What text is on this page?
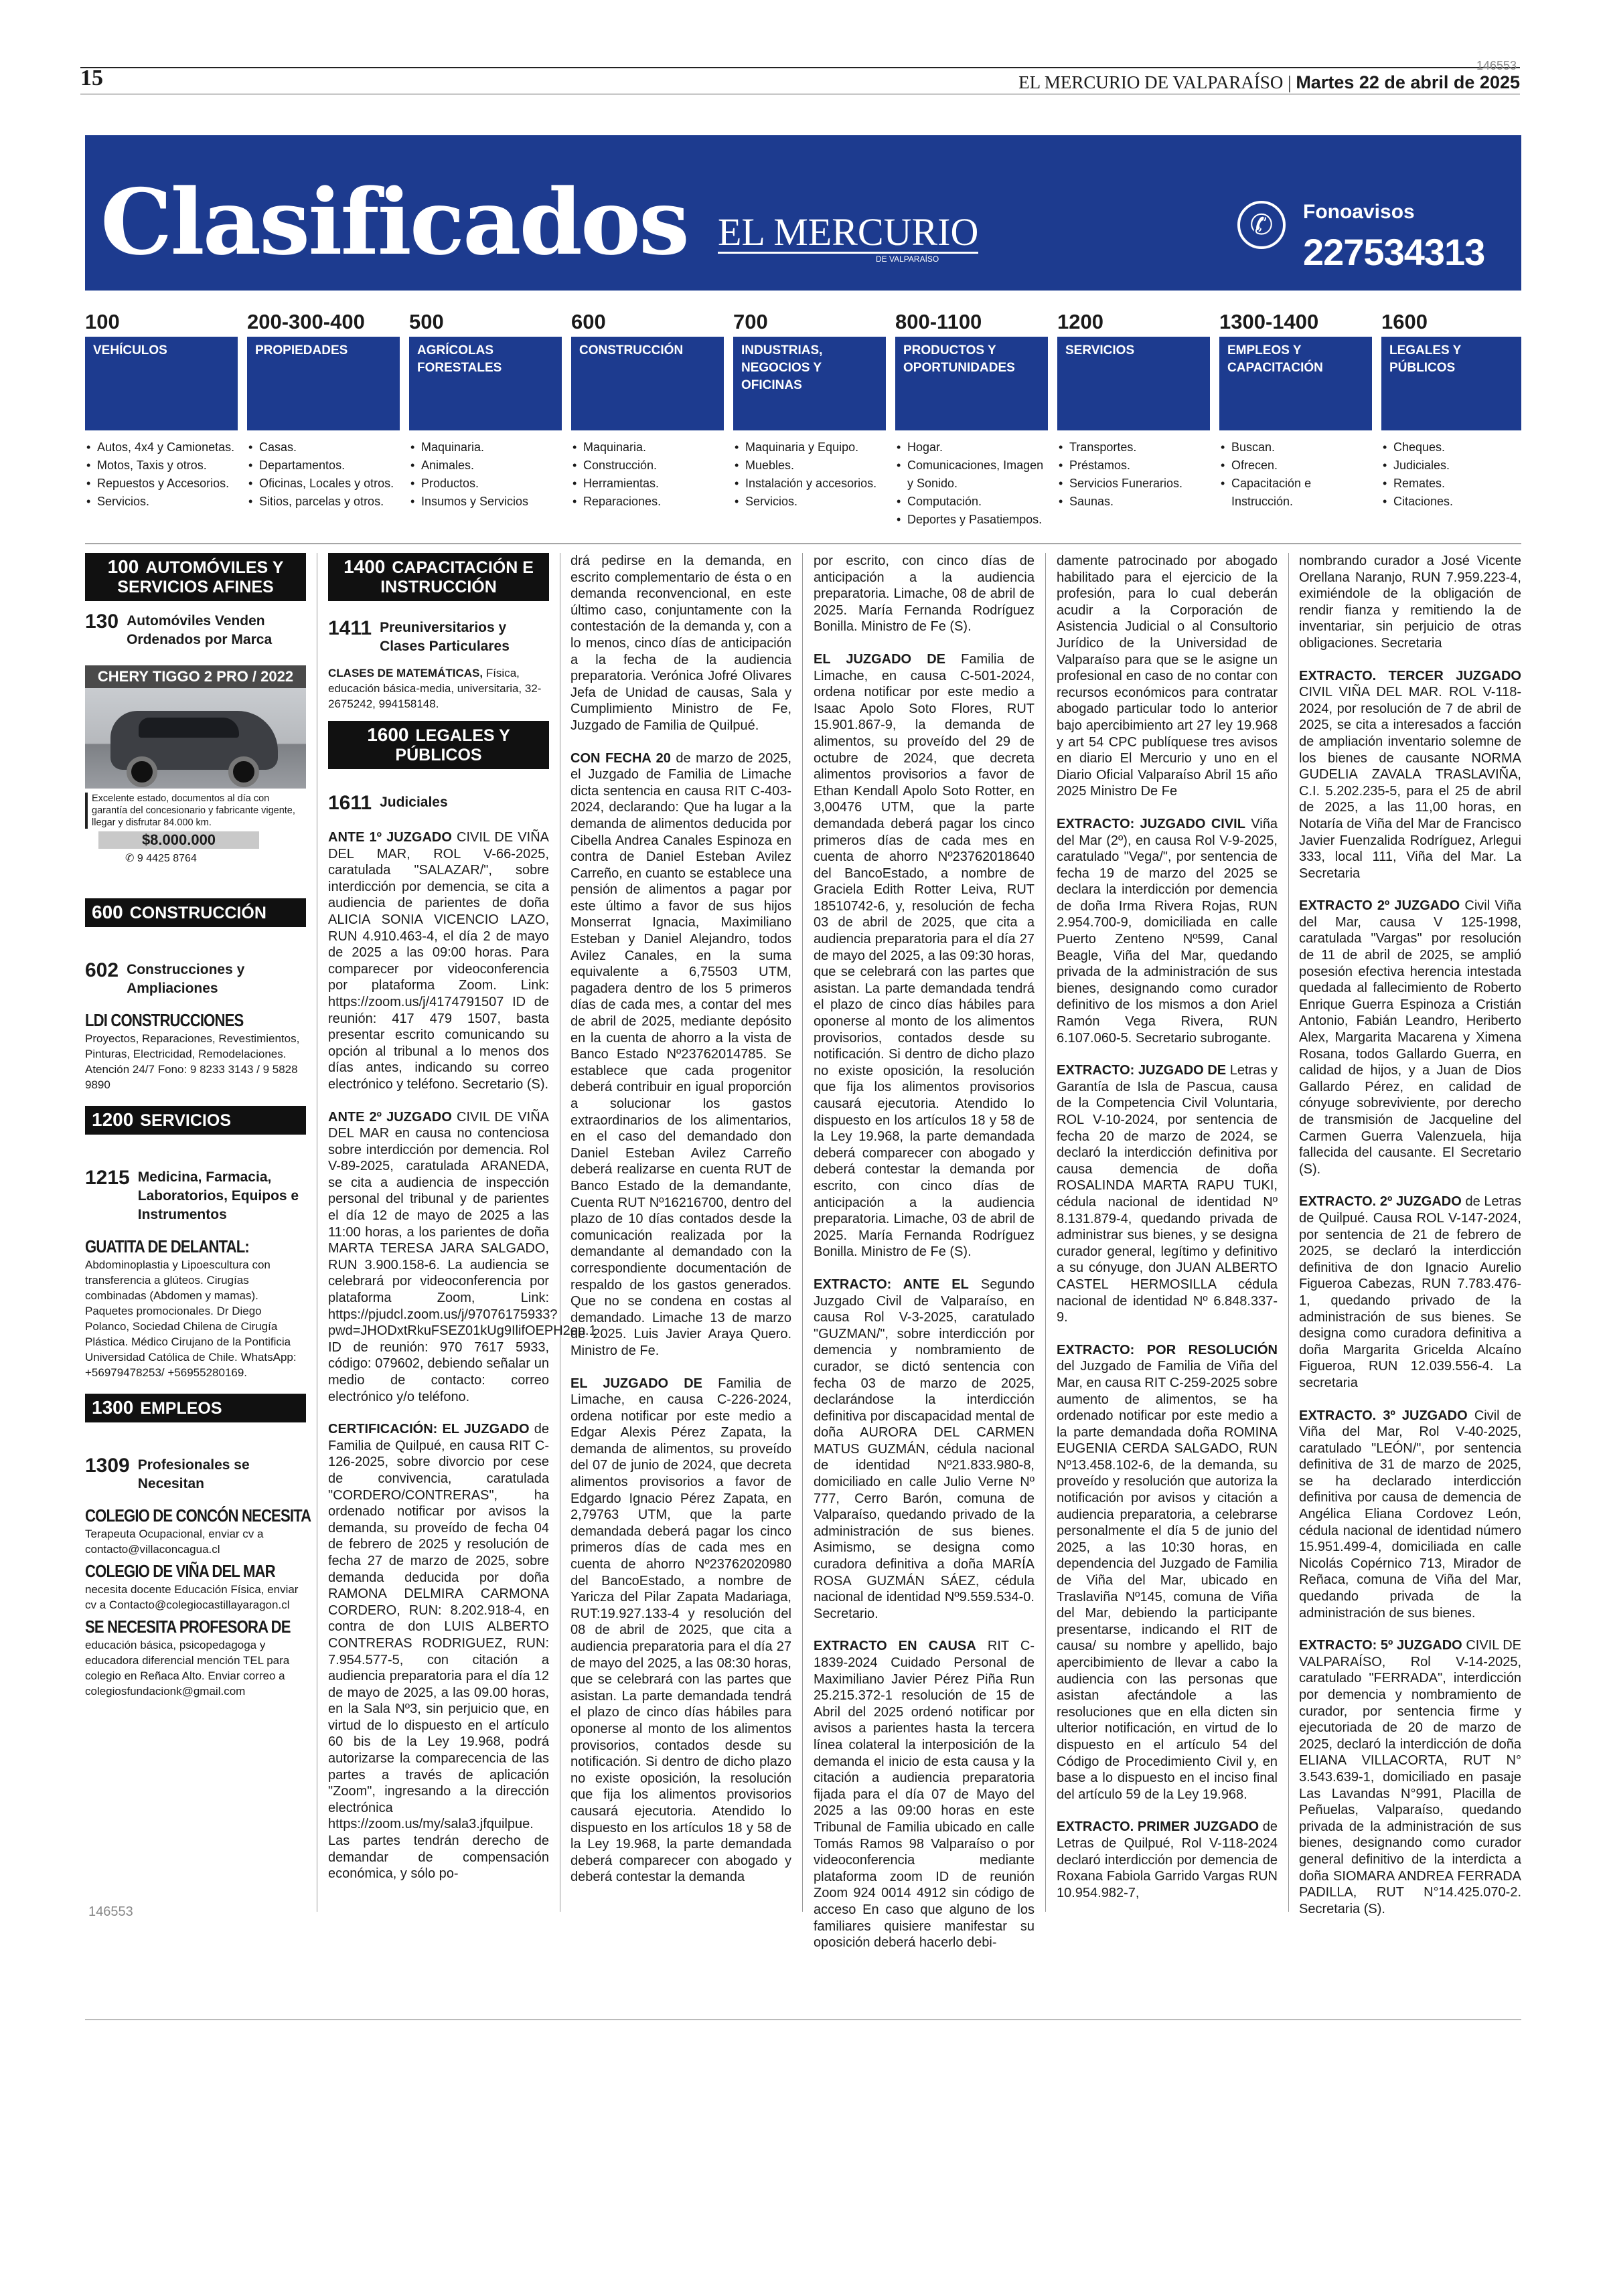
15	146553
EL MERCURIO DE VALPARAÍSO | Martes 22 de abril de 2025
Clasificados EL MERCURIO
DE VALPARAÍSO
✆	Fonoavisos
227534313
100
VEHÍCULOS
• Autos, 4x4 y Camionetas.
• Motos, Taxis y otros.
• Repuestos y Accesorios.
• Servicios.
200-300-400
PROPIEDADES
• Casas.
• Departamentos.
• Oficinas, Locales y otros.
• Sitios, parcelas y otros.
500
AGRÍCOLAS FORESTALES
• Maquinaria.
• Animales.
• Productos.
• Insumos y Servicios
600
CONSTRUCCIÓN
• Maquinaria.
• Construcción.
• Herramientas.
• Reparaciones.
700
INDUSTRIAS, NEGOCIOS Y OFICINAS
• Maquinaria y Equipo.
• Muebles.
• Instalación y accesorios.
• Servicios.
800-1100
PRODUCTOS Y OPORTUNIDADES
• Hogar.
• Comunicaciones, Imagen y Sonido.
• Computación.
• Deportes y Pasatiempos.
1200
SERVICIOS
• Transportes.
• Préstamos.
• Servicios Funerarios.
• Saunas.
1300-1400
EMPLEOS Y CAPACITACIÓN
• Buscan.
• Ofrecen.
• Capacitación e Instrucción.
1600
LEGALES Y PÚBLICOS
• Cheques.
• Judiciales.
• Remates.
• Citaciones.
100 AUTOMÓVILES Y SERVICIOS AFINES
130 Automóviles Venden Ordenados por Marca
CHERY TIGGO 2 PRO / 2022
Excelente estado, documentos al día con garantía del concesionario y fabricante vigente, llegar y disfrutar 84.000 km.
$8.000.000
✆ 9 4425 8764
600 CONSTRUCCIÓN
602 Construcciones y Ampliaciones
LDI CONSTRUCCIONES
Proyectos, Reparaciones, Revestimientos, Pinturas, Electricidad, Remodelaciones. Atención 24/7 Fono: 9 8233 3143 / 9 5828 9890
1200 SERVICIOS
1215 Medicina, Farmacia, Laboratorios, Equipos e Instrumentos
GUATITA DE DELANTAL:
Abdominoplastia y Lipoescultura con transferencia a glúteos. Cirugías combinadas (Abdomen y mamas). Paquetes promocionales. Dr Diego Polanco, Sociedad Chilena de Cirugía Plástica. Médico Cirujano de la Pontificia Universidad Católica de Chile. WhatsApp: +56979478253/ +56955280169.
1300 EMPLEOS
1309 Profesionales se Necesitan
COLEGIO DE CONCÓN NECESITA
Terapeuta Ocupacional, enviar cv a contacto@villaconcagua.cl
COLEGIO DE VIÑA DEL MAR
necesita docente Educación Física, enviar cv a Contacto@colegiocastillayaragon.cl
SE NECESITA PROFESORA DE
educación básica, psicopedagoga y educadora diferencial mención TEL para colegio en Reñaca Alto. Enviar correo a colegiosfundacionk@gmail.com
1400 CAPACITACIÓN E INSTRUCCIÓN
1411 Preuniversitarios y Clases Particulares
CLASES DE MATEMÁTICAS, Física, educación básica-media, universitaria, 32-2675242, 994158148.
1600 LEGALES Y PÚBLICOS
1611 Judiciales
ANTE 1º JUZGADO CIVIL DE VIÑA DEL MAR, ROL V-66-2025, caratulada "SALAZAR/", sobre interdicción por demencia, se cita a audiencia de parientes de doña ALICIA SONIA VICENCIO LAZO, RUN 4.910.463-4, el día 2 de mayo de 2025 a las 09:00 horas. Para comparecer por videoconferencia por plataforma Zoom. Link: https://zoom.us/j/4174791507 ID de reunión: 417 479 1507, basta presentar escrito comunicando su opción al tribunal a lo menos dos días antes, indicando su correo electrónico y teléfono. Secretario (S).
ANTE 2º JUZGADO CIVIL DE VIÑA DEL MAR en causa no contenciosa sobre interdicción por demencia. Rol V-89-2025, caratulada ARANEDA, se cita a audiencia de inspección personal del tribunal y de parientes el día 12 de mayo de 2025 a las 11:00 horas, a los parientes de doña MARTA TERESA JARA SALGADO, RUN 3.900.158-6. La audiencia se celebrará por videoconferencia por plataforma Zoom, Link: https://pjudcl.zoom.us/j/97076175933?pwd=JHODxtRkuFSEZ01kUg9IlifOEPH2ep.1 ID de reunión: 970 7617 5933, código: 079602, debiendo señalar un medio de contacto: correo electrónico y/o teléfono.
CERTIFICACIÓN: EL JUZGADO de Familia de Quilpué, en causa RIT C-126-2025, sobre divorcio por cese de convivencia, caratulada "CORDERO/CONTRERAS", ha ordenado notificar por avisos la demanda, su proveído de fecha 04 de febrero de 2025 y resolución de fecha 27 de marzo de 2025, sobre demanda deducida por doña RAMONA DELMIRA CARMONA CORDERO, RUN: 8.202.918-4, en contra de don LUIS ALBERTO CONTRERAS RODRIGUEZ, RUN: 7.954.577-5, con citación a audiencia preparatoria para el día 12 de mayo de 2025, a las 09.00 horas, en la Sala Nº3, sin perjuicio que, en virtud de lo dispuesto en el artículo 60 bis de la Ley 19.968, podrá autorizarse la comparecencia de las partes a través de aplicación "Zoom", ingresando a la dirección electrónica https://zoom.us/my/sala3.jfquilpue. Las partes tendrán derecho de demandar de compensación económica, y sólo po-
drá pedirse en la demanda, en escrito complementario de ésta o en demanda reconvencional, en este último caso, conjuntamente con la contestación de la demanda y, con a lo menos, cinco días de anticipación a la fecha de la audiencia preparatoria. Verónica Jofré Olivares Jefa de Unidad de causas, Sala y Cumplimiento Ministro de Fe, Juzgado de Familia de Quilpué.
CON FECHA 20 de marzo de 2025, el Juzgado de Familia de Limache dicta sentencia en causa RIT C-403-2024, declarando: Que ha lugar a la demanda de alimentos deducida por Cibella Andrea Canales Espinoza en contra de Daniel Esteban Avilez Carreño, en cuanto se establece una pensión de alimentos a pagar por este último a favor de sus hijos Monserrat Ignacia, Maximiliano Esteban y Daniel Alejandro, todos Avilez Canales, en la suma equivalente a 6,75503 UTM, pagadera dentro de los 5 primeros días de cada mes, a contar del mes de abril de 2025, mediante depósito en la cuenta de ahorro a la vista de Banco Estado Nº23762014785. Se establece que cada progenitor deberá contribuir en igual proporción a solucionar los gastos extraordinarios de los alimentarios, en el caso del demandado don Daniel Esteban Avilez Carreño deberá realizarse en cuenta RUT de Banco Estado de la demandante, Cuenta RUT Nº16216700, dentro del plazo de 10 días contados desde la comunicación realizada por la demandante al demandado con la correspondiente documentación de respaldo de los gastos generados. Que no se condena en costas al demandado. Limache 13 de marzo de 2025. Luis Javier Araya Quero. Ministro de Fe.
EL JUZGADO DE Familia de Limache, en causa C-226-2024, ordena notificar por este medio a Edgar Alexis Pérez Zapata, la demanda de alimentos, su proveído del 07 de junio de 2024, que decreta alimentos provisorios a favor de Edgardo Ignacio Pérez Zapata, en 2,79763 UTM, que la parte demandada deberá pagar los cinco primeros días de cada mes en cuenta de ahorro Nº23762020980 del BancoEstado, a nombre de Yaricza del Pilar Zapata Madariaga, RUT:19.927.133-4 y resolución del 08 de abril de 2025, que cita a audiencia preparatoria para el día 27 de mayo del 2025, a las 08:30 horas, que se celebrará con las partes que asistan. La parte demandada tendrá el plazo de cinco días hábiles para oponerse al monto de los alimentos provisorios, contados desde su notificación. Si dentro de dicho plazo no existe oposición, la resolución que fija los alimentos provisorios causará ejecutoria. Atendido lo dispuesto en los artículos 18 y 58 de la Ley 19.968, la parte demandada deberá comparecer con abogado y deberá contestar la demanda
por escrito, con cinco días de anticipación a la audiencia preparatoria. Limache, 08 de abril de 2025. María Fernanda Rodríguez Bonilla. Ministro de Fe (S).
EL JUZGADO DE Familia de Limache, en causa C-501-2024, ordena notificar por este medio a Isaac Apolo Soto Flores, RUT 15.901.867-9, la demanda de alimentos, su proveído del 29 de octubre de 2024, que decreta alimentos provisorios a favor de Ethan Kendall Apolo Soto Rotter, en 3,00476 UTM, que la parte demandada deberá pagar los cinco primeros días de cada mes en cuenta de ahorro Nº23762018640 del BancoEstado, a nombre de Graciela Edith Rotter Leiva, RUT 18510742-6, y, resolución de fecha 03 de abril de 2025, que cita a audiencia preparatoria para el día 27 de mayo del 2025, a las 09:30 horas, que se celebrará con las partes que asistan. La parte demandada tendrá el plazo de cinco días hábiles para oponerse al monto de los alimentos provisorios, contados desde su notificación. Si dentro de dicho plazo no existe oposición, la resolución que fija los alimentos provisorios causará ejecutoria. Atendido lo dispuesto en los artículos 18 y 58 de la Ley 19.968, la parte demandada deberá comparecer con abogado y deberá contestar la demanda por escrito, con cinco días de anticipación a la audiencia preparatoria. Limache, 03 de abril de 2025. María Fernanda Rodríguez Bonilla. Ministro de Fe (S).
EXTRACTO: ANTE EL Segundo Juzgado Civil de Valparaíso, en causa Rol V-3-2025, caratulado "GUZMAN/", sobre interdicción por demencia y nombramiento de curador, se dictó sentencia con fecha 03 de marzo de 2025, declarándose la interdicción definitiva por discapacidad mental de doña AURORA DEL CARMEN MATUS GUZMÁN, cédula nacional de identidad Nº21.833.980-8, domiciliado en calle Julio Verne Nº 777, Cerro Barón, comuna de Valparaíso, quedando privado de la administración de sus bienes. Asimismo, se designa como curadora definitiva a doña MARÍA ROSA GUZMÁN SÁEZ, cédula nacional de identidad Nº9.559.534-0. Secretario.
EXTRACTO EN CAUSA RIT C-1839-2024 Cuidado Personal de Maximiliano Javier Pérez Piña Run 25.215.372-1 resolución de 15 de Abril del 2025 ordenó notificar por avisos a parientes hasta la tercera línea colateral la interposición de la demanda el inicio de esta causa y la citación a audiencia preparatoria fijada para el día 07 de Mayo del 2025 a las 09:00 horas en este Tribunal de Familia ubicado en calle Tomás Ramos 98 Valparaíso o por videoconferencia mediante plataforma zoom ID de reunión Zoom 924 0014 4912 sin código de acceso En caso que alguno de los familiares quisiere manifestar su oposición deberá hacerlo debi-
damente patrocinado por abogado habilitado para el ejercicio de la profesión, para lo cual deberán acudir a la Corporación de Asistencia Judicial o al Consultorio Jurídico de la Universidad de Valparaíso para que se le asigne un profesional en caso de no contar con recursos económicos para contratar abogado particular todo lo anterior bajo apercibimiento art 27 ley 19.968 y art 54 CPC publíquese tres avisos en diario El Mercurio y uno en el Diario Oficial Valparaíso Abril 15 año 2025 Ministro De Fe
EXTRACTO: JUZGADO CIVIL Viña del Mar (2º), en causa Rol V-9-2025, caratulado "Vega/", por sentencia de fecha 19 de marzo del 2025 se declara la interdicción por demencia de doña Irma Rivera Rojas, RUN 2.954.700-9, domiciliada en calle Puerto Zenteno Nº599, Canal Beagle, Viña del Mar, quedando privada de la administración de sus bienes, designando como curador definitivo de los mismos a don Ariel Ramón Vega Rivera, RUN 6.107.060-5. Secretario subrogante.
EXTRACTO: JUZGADO DE Letras y Garantía de Isla de Pascua, causa de la Competencia Civil Voluntaria, ROL V-10-2024, por sentencia de fecha 20 de marzo de 2024, se declaró la interdicción definitiva por causa demencia de doña ROSALINDA MARTA RAPU TUKI, cédula nacional de identidad Nº 8.131.879-4, quedando privada de administrar sus bienes, y se designa curador general, legítimo y definitivo a su cónyuge, don JUAN ALBERTO CASTEL HERMOSILLA cédula nacional de identidad Nº 6.848.337-9.
EXTRACTO: POR RESOLUCIÓN del Juzgado de Familia de Viña del Mar, en causa RIT C-259-2025 sobre aumento de alimentos, se ha ordenado notificar por este medio a la parte demandada doña ROMINA EUGENIA CERDA SALGADO, RUN Nº13.458.102-6, de la demanda, su proveído y resolución que autoriza la notificación por avisos y citación a audiencia preparatoria, a celebrarse personalmente el día 5 de junio del 2025, a las 10:30 horas, en dependencia del Juzgado de Familia de Viña del Mar, ubicado en Traslaviña Nº145, comuna de Viña del Mar, debiendo la participante presentarse, indicando el RIT de causa/ su nombre y apellido, bajo apercibimiento de llevar a cabo la audiencia con las personas que asistan afectándole a las resoluciones que en ella dicten sin ulterior notificación, en virtud de lo dispuesto en el artículo 54 del Código de Procedimiento Civil y, en base a lo dispuesto en el inciso final del artículo 59 de la Ley 19.968.
EXTRACTO. PRIMER JUZGADO de Letras de Quilpué, Rol V-118-2024 declaró interdicción por demencia de Roxana Fabiola Garrido Vargas RUN 10.954.982-7,
nombrando curador a José Vicente Orellana Naranjo, RUN 7.959.223-4, eximiéndole de la obligación de rendir fianza y remitiendo la de inventariar, sin perjuicio de otras obligaciones. Secretaria
EXTRACTO. TERCER JUZGADO CIVIL VIÑA DEL MAR. ROL V-118-2024, por resolución de 7 de abril de 2025, se cita a interesados a facción de ampliación inventario solemne de los bienes de causante NORMA GUDELIA ZAVALA TRASLAVIÑA, C.I. 5.202.235-5, para el 25 de abril de 2025, a las 11,00 horas, en Notaría de Viña del Mar de Francisco Javier Fuenzalida Rodríguez, Arlegui 333, local 111, Viña del Mar. La Secretaria
EXTRACTO 2º JUZGADO Civil Viña del Mar, causa V 125-1998, caratulada "Vargas" por resolución de 11 de abril de 2025, se amplió posesión efectiva herencia intestada quedada al fallecimiento de Roberto Enrique Guerra Espinoza a Cristián Antonio, Fabián Leandro, Heriberto Alex, Margarita Macarena y Ximena Rosana, todos Gallardo Guerra, en calidad de hijos, y a Juan de Dios Gallardo Pérez, en calidad de cónyuge sobreviviente, por derecho de transmisión de Jacqueline del Carmen Guerra Valenzuela, hija fallecida del causante. El Secretario (S).
EXTRACTO. 2º JUZGADO de Letras de Quilpué. Causa ROL V-147-2024, por sentencia de 21 de febrero de 2025, se declaró la interdicción definitiva de don Ignacio Aurelio Figueroa Cabezas, RUN 7.783.476-1, quedando privado de la administración de sus bienes. Se designa como curadora definitiva a doña Margarita Gricelda Alcaíno Figueroa, RUN 12.039.556-4. La secretaria
EXTRACTO. 3º JUZGADO Civil de Viña del Mar, Rol V-40-2025, caratulado "LEÓN/", por sentencia definitiva de 31 de marzo de 2025, se ha declarado interdicción definitiva por causa de demencia de Angélica Eliana Cordovez León, cédula nacional de identidad número 15.951.499-4, domiciliada en calle Nicolás Copérnico 713, Mirador de Reñaca, comuna de Viña del Mar, quedando privada de la administración de sus bienes.
EXTRACTO: 5º JUZGADO CIVIL DE VALPARAÍSO, Rol V-14-2025, caratulado "FERRADA", interdicción por demencia y nombramiento de curador, por sentencia firme y ejecutoriada de 20 de marzo de 2025, declaró la interdicción de doña ELIANA VILLACORTA, RUT N° 3.543.639-1, domiciliado en pasaje Las Lavandas N°991, Placilla de Peñuelas, Valparaíso, quedando privada de la administración de sus bienes, designando como curador general definitivo de la interdicta a doña SIOMARA ANDREA FERRADA PADILLA, RUT N°14.425.070-2. Secretaria (S).
146553
